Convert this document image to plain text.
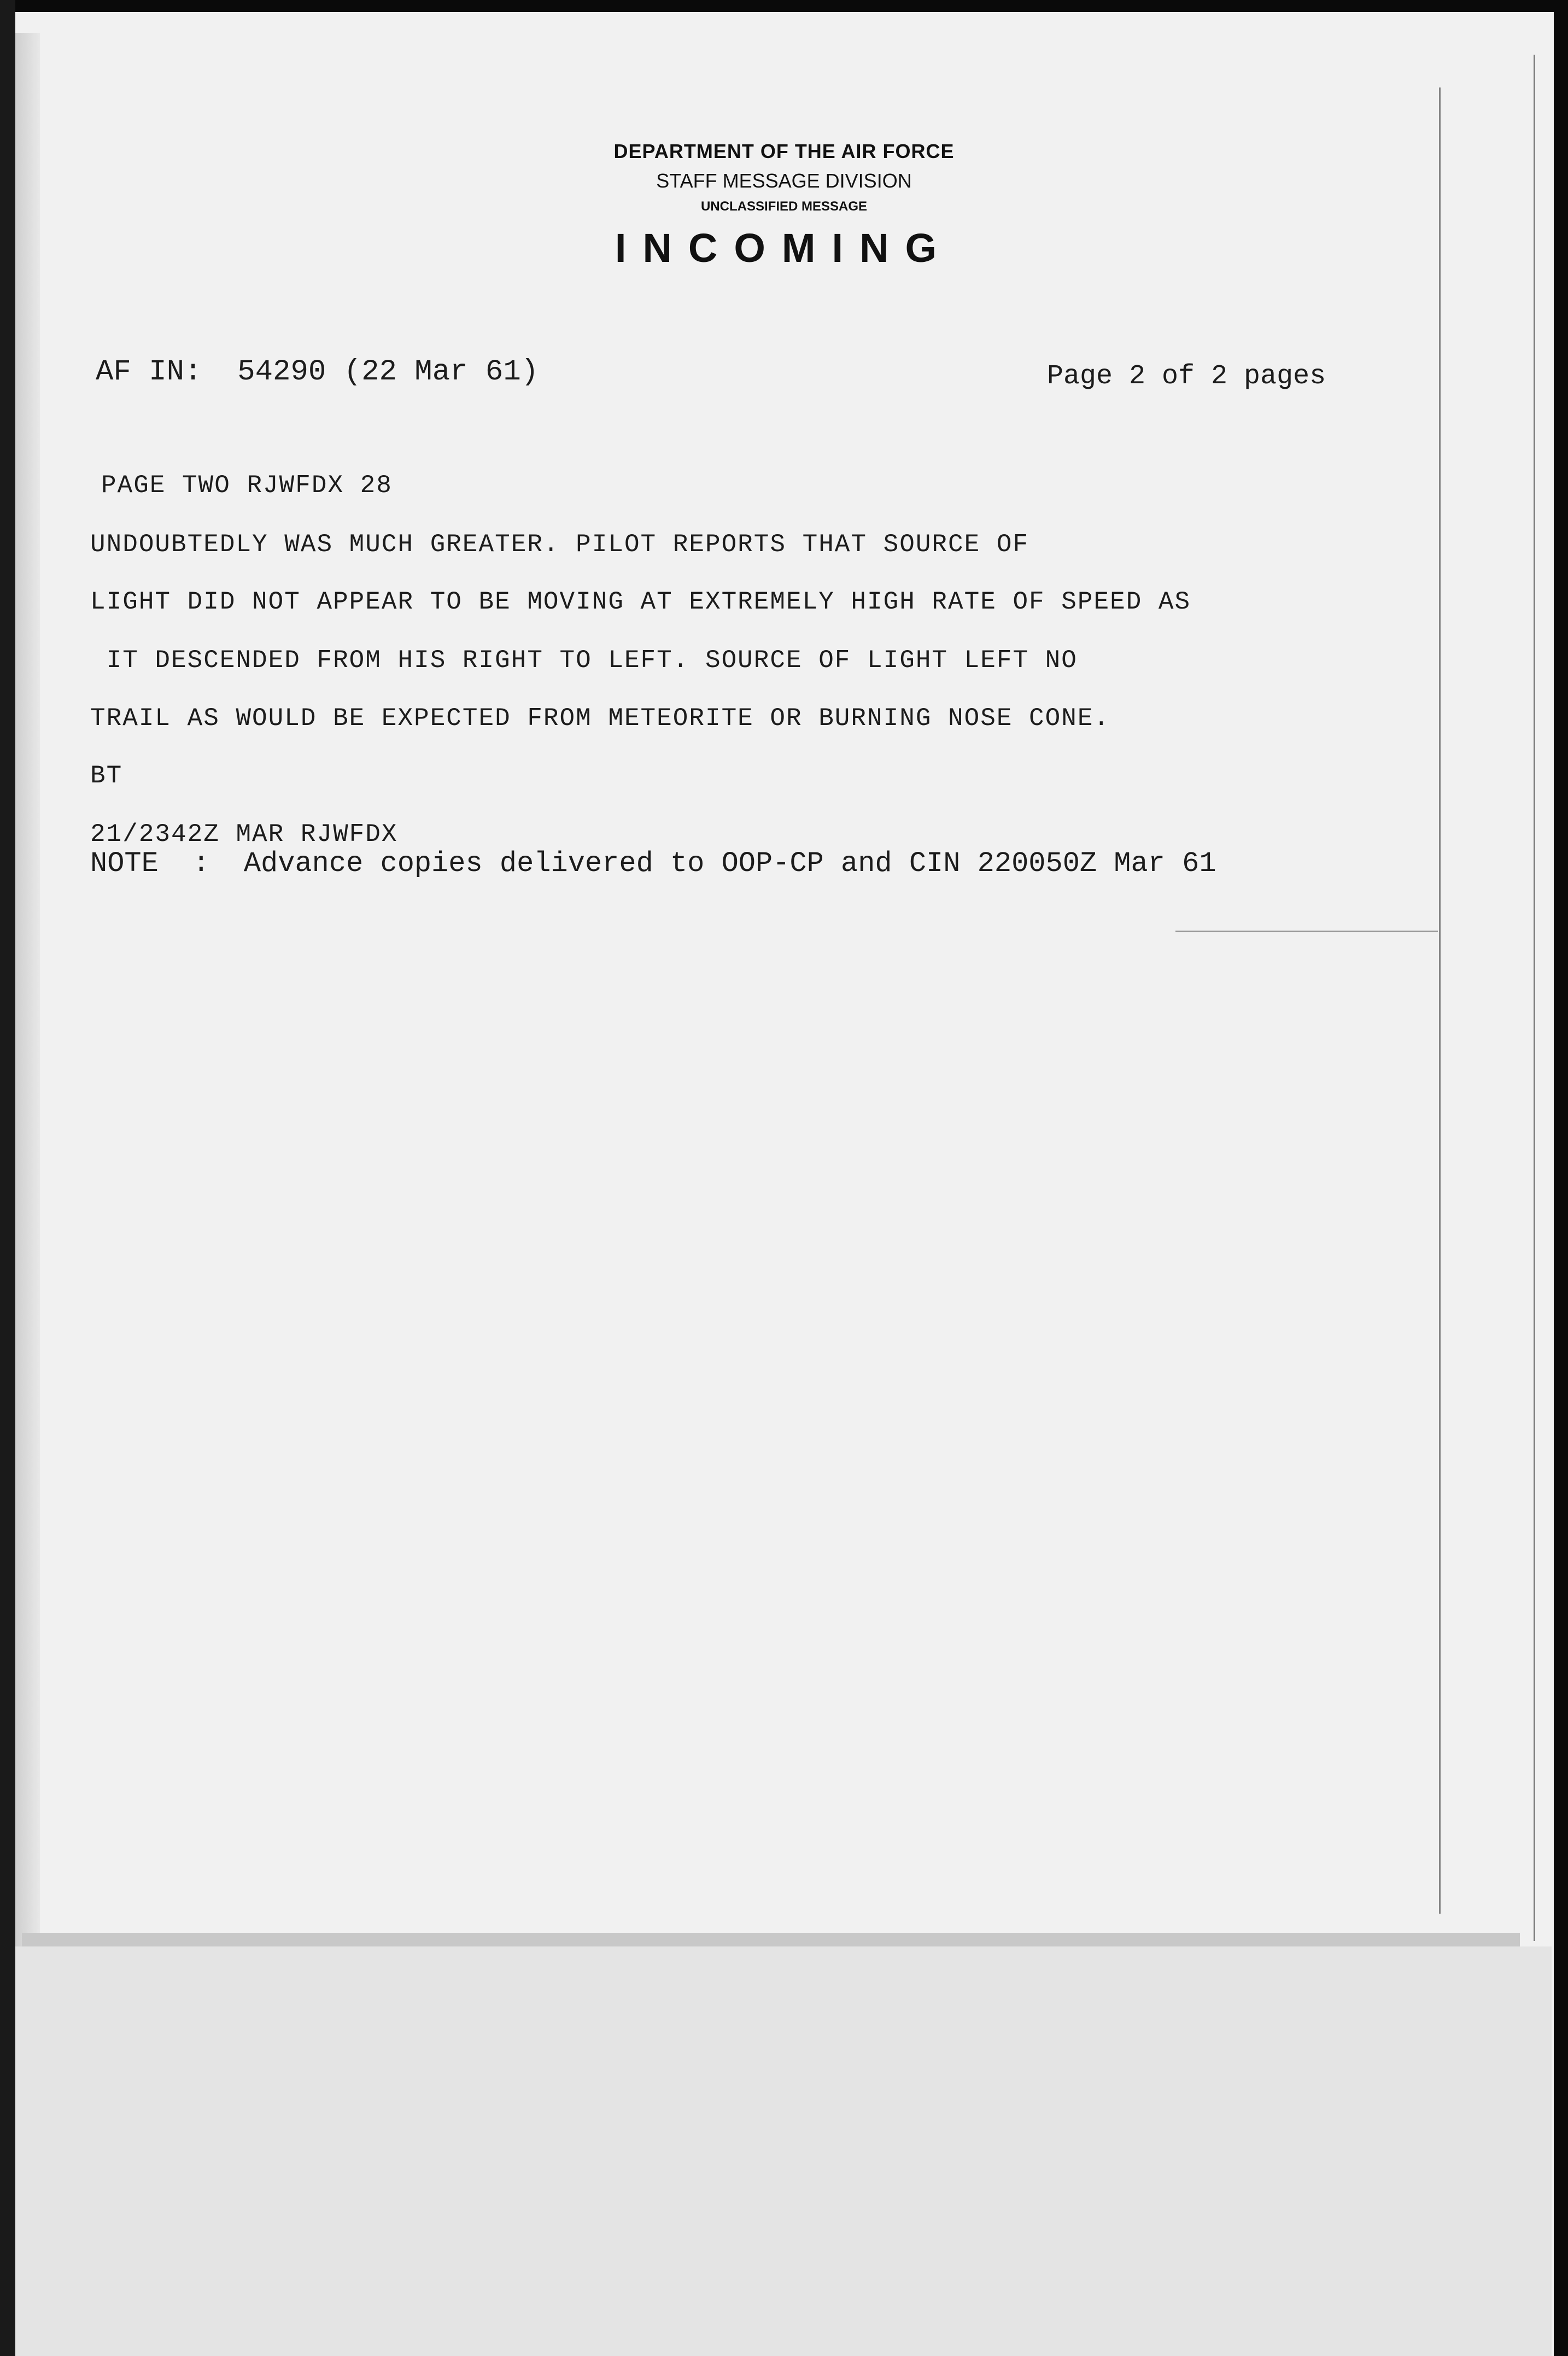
DEPARTMENT OF THE AIR FORCE
STAFF MESSAGE DIVISION
UNCLASSIFIED MESSAGE
INCOMING
AF IN:  54290 (22 Mar 61)	Page 2 of 2 pages
PAGE TWO RJWFDX 28
UNDOUBTEDLY WAS MUCH GREATER. PILOT REPORTS THAT SOURCE OF
LIGHT DID NOT APPEAR TO BE MOVING AT EXTREMELY HIGH RATE OF SPEED AS
IT DESCENDED FROM HIS RIGHT TO LEFT. SOURCE OF LIGHT LEFT NO
TRAIL AS WOULD BE EXPECTED FROM METEORITE OR BURNING NOSE CONE.
BT
21/2342Z MAR RJWFDX
NOTE  :  Advance copies delivered to OOP-CP and CIN 220050Z Mar 61
